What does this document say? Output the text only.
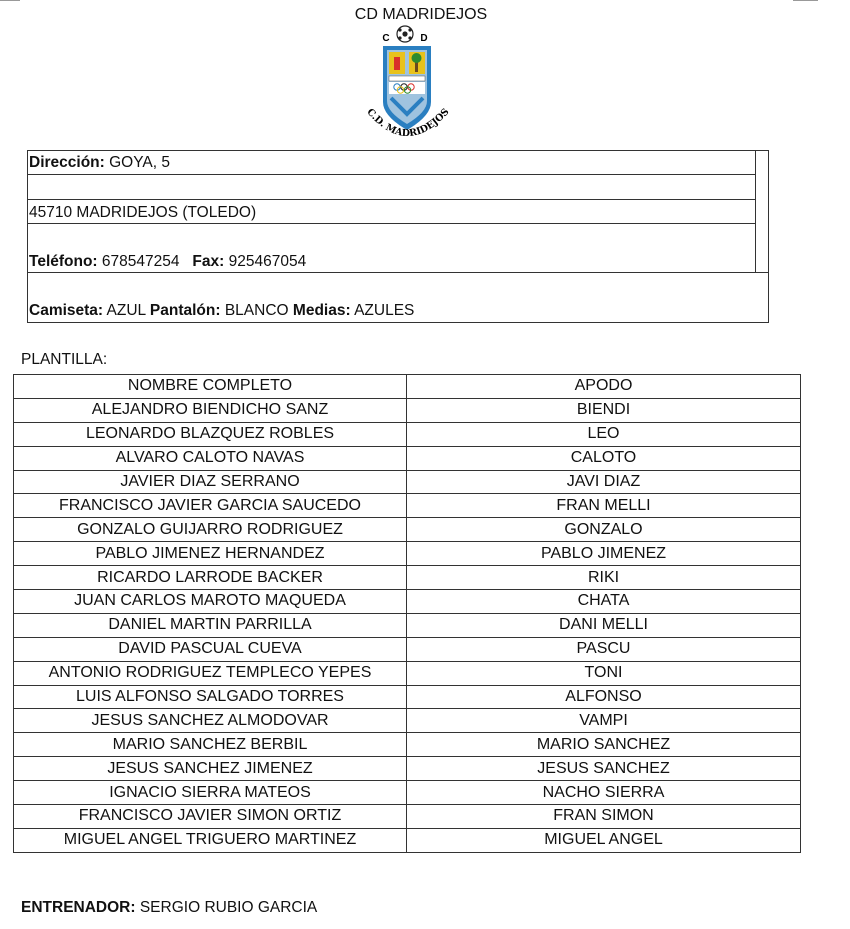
CD MADRIDEJOS
C	D
C.D. MADRIDEJOS
Dirección: GOYA, 5
45710 MADRIDEJOS (TOLEDO)
Teléfono: 678547254 Fax: 925467054
Camiseta: AZUL Pantalón: BLANCO Medias: AZULES
PLANTILLA:
NOMBRE COMPLETO	APODO
ALEJANDRO BIENDICHO SANZ	BIENDI
LEONARDO BLAZQUEZ ROBLES	LEO
ALVARO CALOTO NAVAS	CALOTO
JAVIER DIAZ SERRANO	JAVI DIAZ
FRANCISCO JAVIER GARCIA SAUCEDO	FRAN MELLI
GONZALO GUIJARRO RODRIGUEZ	GONZALO
PABLO JIMENEZ HERNANDEZ	PABLO JIMENEZ
RICARDO LARRODE BACKER	RIKI
JUAN CARLOS MAROTO MAQUEDA	CHATA
DANIEL MARTIN PARRILLA	DANI MELLI
DAVID PASCUAL CUEVA	PASCU
ANTONIO RODRIGUEZ TEMPLECO YEPES	TONI
LUIS ALFONSO SALGADO TORRES	ALFONSO
JESUS SANCHEZ ALMODOVAR	VAMPI
MARIO SANCHEZ BERBIL	MARIO SANCHEZ
JESUS SANCHEZ JIMENEZ	JESUS SANCHEZ
IGNACIO SIERRA MATEOS	NACHO SIERRA
FRANCISCO JAVIER SIMON ORTIZ	FRAN SIMON
MIGUEL ANGEL TRIGUERO MARTINEZ	MIGUEL ANGEL
ENTRENADOR: SERGIO RUBIO GARCIA
